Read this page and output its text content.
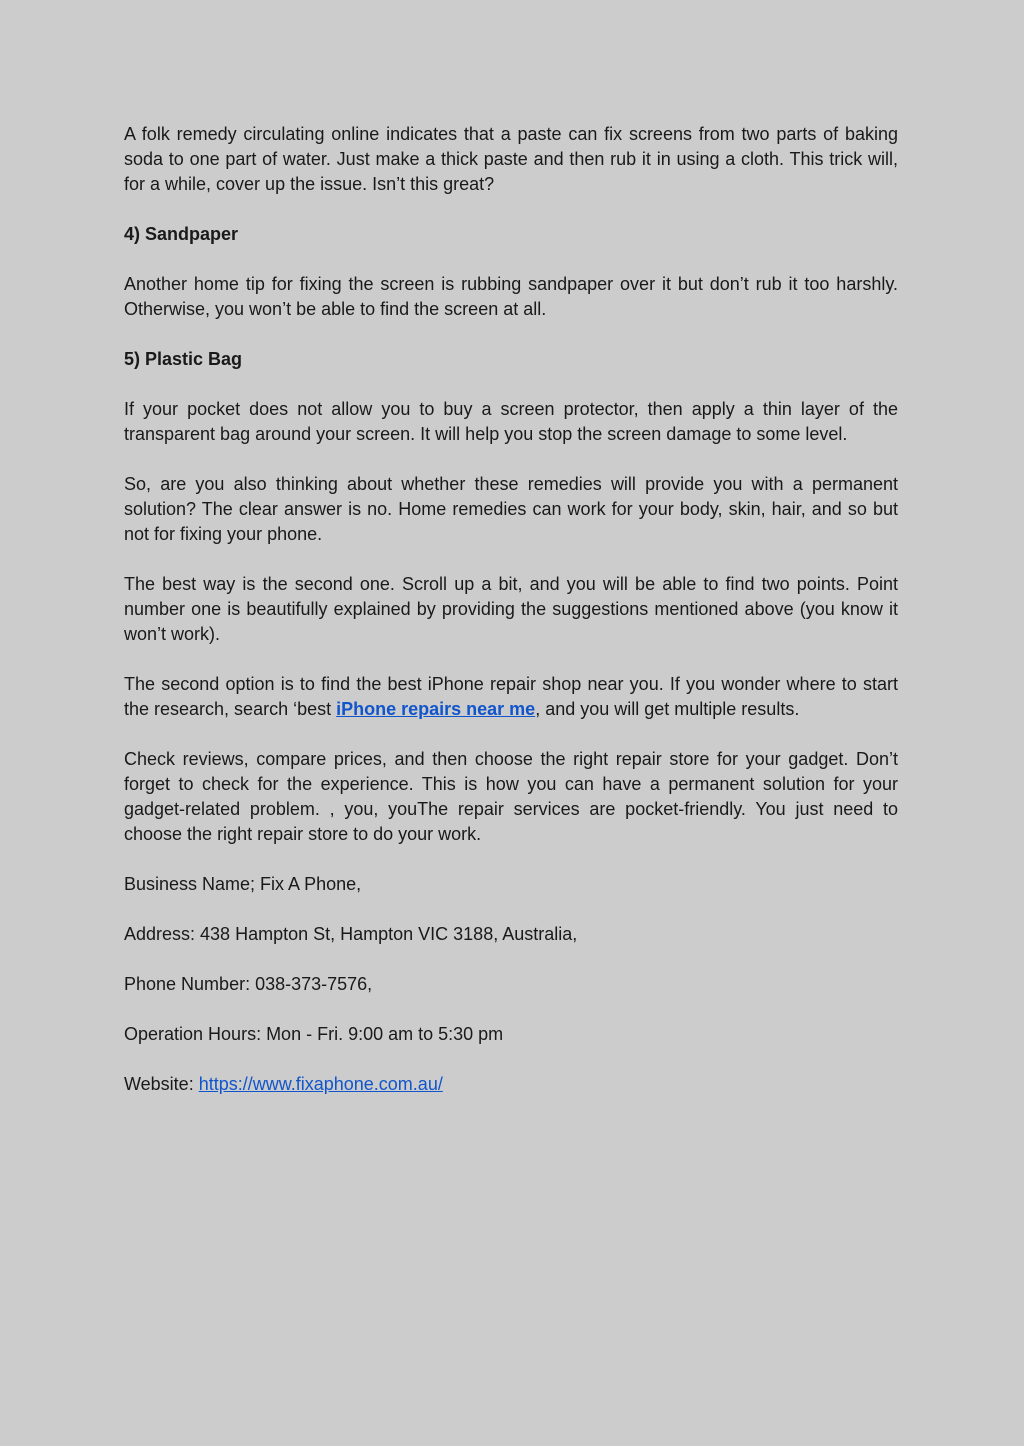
A folk remedy circulating online indicates that a paste can fix screens from two parts of baking soda to one part of water. Just make a thick paste and then rub it in using a cloth. This trick will, for a while, cover up the issue. Isn’t this great?

4) Sandpaper

Another home tip for fixing the screen is rubbing sandpaper over it but don’t rub it too harshly. Otherwise, you won’t be able to find the screen at all.

5) Plastic Bag

If your pocket does not allow you to buy a screen protector, then apply a thin layer of the transparent bag around your screen. It will help you stop the screen damage to some level.

So, are you also thinking about whether these remedies will provide you with a permanent solution? The clear answer is no. Home remedies can work for your body, skin, hair, and so but not for fixing your phone.

The best way is the second one. Scroll up a bit, and you will be able to find two points. Point number one is beautifully explained by providing the suggestions mentioned above (you know it won’t work).

The second option is to find the best iPhone repair shop near you. If you wonder where to start the research, search ‘best iPhone repairs near me, and you will get multiple results.

Check reviews, compare prices, and then choose the right repair store for your gadget. Don’t forget to check for the experience. This is how you can have a permanent solution for your gadget-related problem. , you, youThe repair services are pocket-friendly. You just need to choose the right repair store to do your work.

Business Name; Fix A Phone,

Address: 438 Hampton St, Hampton VIC 3188, Australia,

Phone Number: 038-373-7576,

Operation Hours: Mon - Fri. 9:00 am to 5:30 pm

Website: https://www.fixaphone.com.au/
